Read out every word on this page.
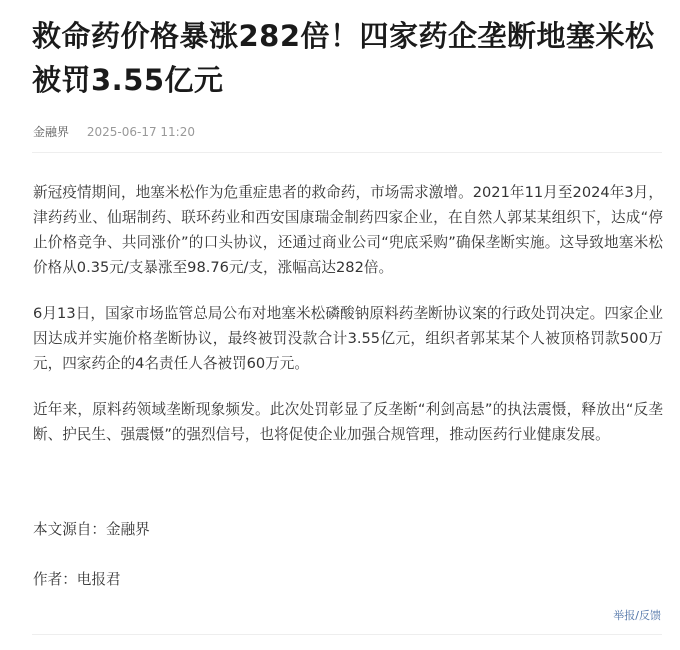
救命药价格暴涨282倍！四家药企垄断地塞米松被罚3.55亿元
金融界 2025-06-17 11:20

新冠疫情期间，地塞米松作为危重症患者的救命药，市场需求激增。2021年11月至2024年3月，津药药业、仙琚制药、联环药业和西安国康瑞金制药四家企业，在自然人郭某某组织下，达成“停止价格竞争、共同涨价”的口头协议，还通过商业公司“兜底采购”确保垄断实施。这导致地塞米松价格从0.35元/支暴涨至98.76元/支，涨幅高达282倍。

6月13日，国家市场监管总局公布对地塞米松磷酸钠原料药垄断协议案的行政处罚决定。四家企业因达成并实施价格垄断协议，最终被罚没款合计3.55亿元，组织者郭某某个人被顶格罚款500万元，四家药企的4名责任人各被罚60万元。

近年来，原料药领域垄断现象频发。此次处罚彰显了反垄断“利剑高悬”的执法震慑，释放出“反垄断、护民生、强震慑”的强烈信号，也将促使企业加强合规管理，推动医药行业健康发展。

本文源自：金融界
作者：电报君
举报/反馈
